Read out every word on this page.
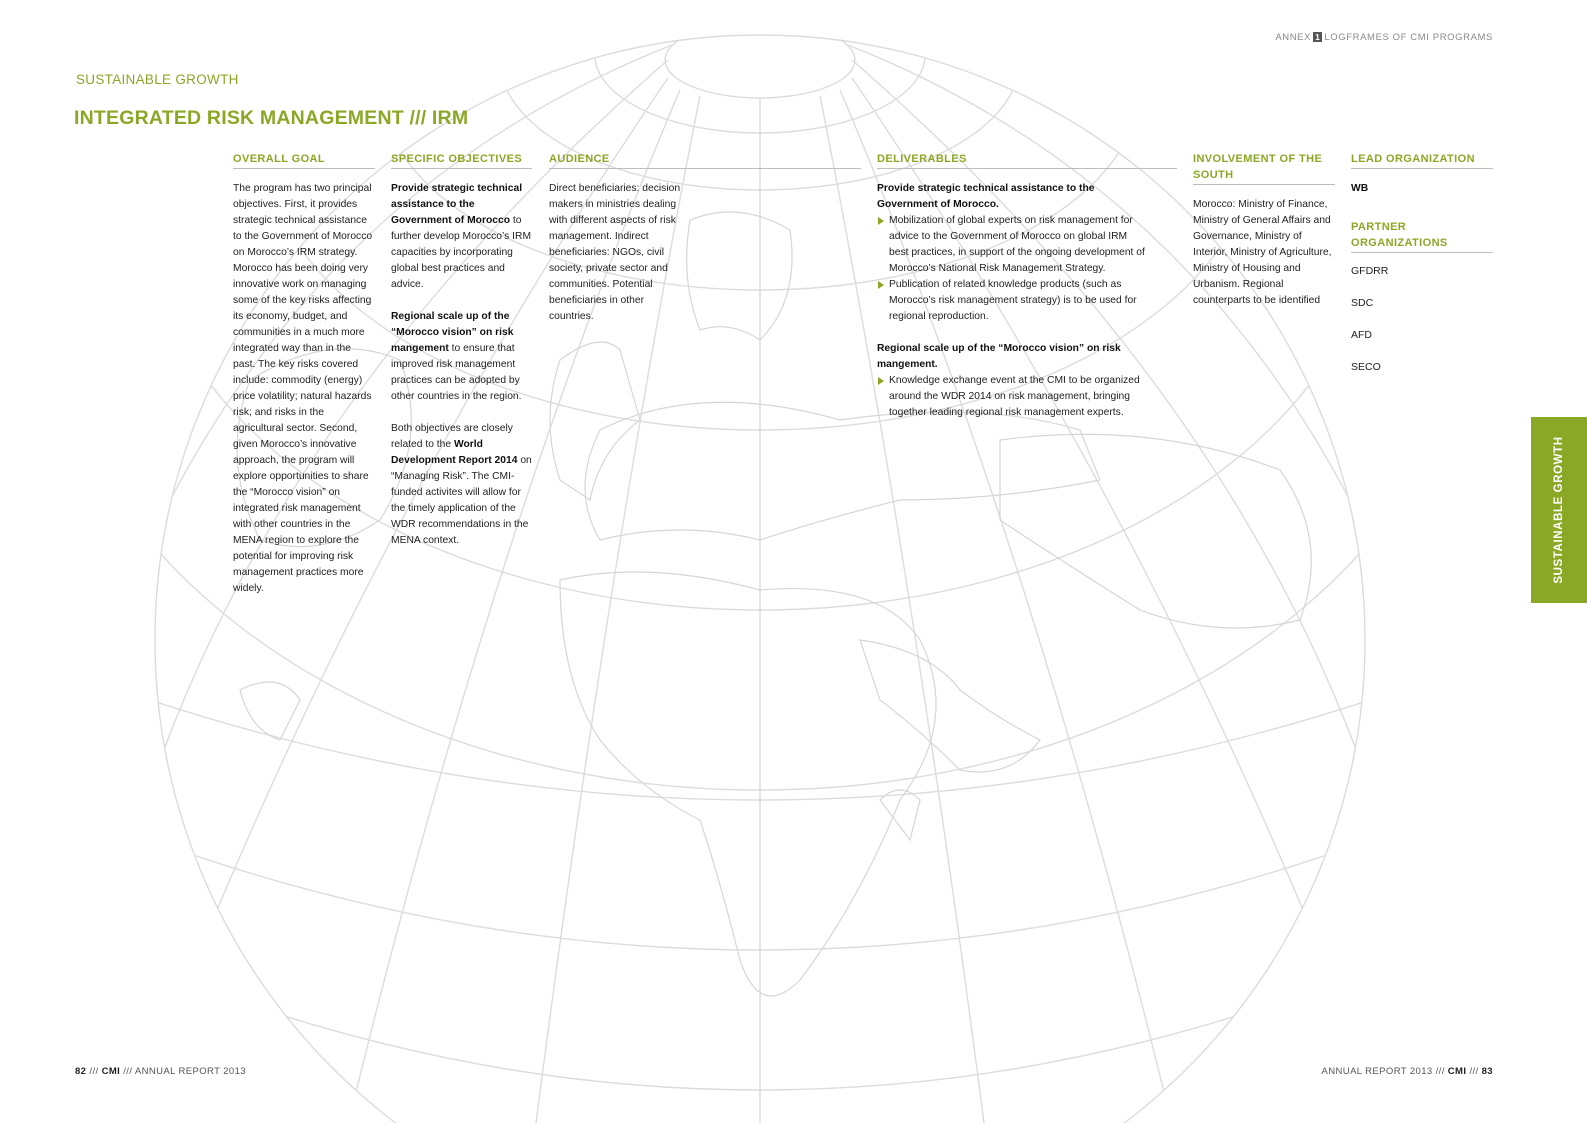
ANNEX 1 LOGFRAMES OF CMI PROGRAMS
SUSTAINABLE GROWTH
INTEGRATED RISK MANAGEMENT /// IRM
OVERALL GOAL
The program has two principal objectives. First, it provides strategic technical assistance to the Government of Morocco on Morocco’s IRM strategy. Morocco has been doing very innovative work on managing some of the key risks affecting its economy, budget, and communities in a much more integrated way than in the past. The key risks covered include: commodity (energy) price volatility; natural hazards risk; and risks in the agricultural sector. Second, given Morocco’s innovative approach, the program will explore opportunities to share the “Morocco vision” on integrated risk management with other countries in the MENA region to explore the potential for improving risk management practices more widely.
SPECIFIC OBJECTIVES

Provide strategic technical assistance to the Government of Morocco to further develop Morocco’s IRM capacities by incorporating global best practices and advice.

Regional scale up of the “Morocco vision” on risk mangement to ensure that improved risk management practices can be adopted by other countries in the region.

Both objectives are closely related to the World Development Report 2014 on “Managing Risk”. The CMI-funded activites will allow for the timely application of the WDR recommendations in the MENA context.

AUDIENCE
Direct beneficiaries: decision makers in ministries dealing with different aspects of risk management. Indirect beneficiaries: NGOs, civil society, private sector and communities. Potential beneficiaries in other countries.
DELIVERABLES
Provide strategic technical assistance to the Government of Morocco.
Mobilization of global experts on risk management for advice to the Government of Morocco on global IRM best practices, in support of the ongoing development of Morocco’s National Risk Management Strategy.
Publication of related knowledge products (such as Morocco’s risk management strategy) is to be used for regional reproduction.
Regional scale up of the “Morocco vision” on risk mangement.
Knowledge exchange event at the CMI to be organized around the WDR 2014 on risk management, bringing together leading regional risk management experts.
INVOLVEMENT OF THE SOUTH
Morocco: Ministry of Finance, Ministry of General Affairs and Governance, Ministry of Interior, Ministry of Agriculture, Ministry of Housing and Urbanism. Regional counterparts to be identified
LEAD ORGANIZATION
WB
PARTNER ORGANIZATIONS
GFDRR
SDC
AFD
SECO
SUSTAINABLE GROWTH
82 /// CMI /// ANNUAL REPORT 2013	ANNUAL REPORT 2013 /// CMI /// 83
